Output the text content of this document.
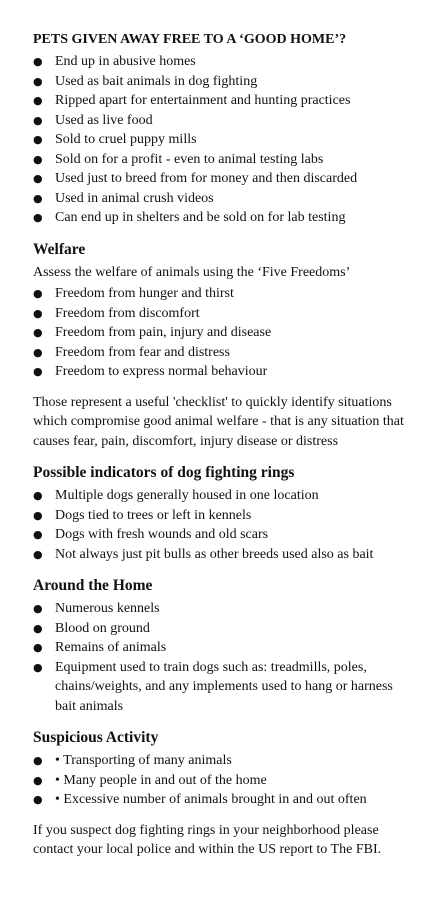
PETS GIVEN AWAY FREE TO A ‘GOOD HOME’?
● End up in abusive homes
● Used as bait animals in dog fighting
● Ripped apart for entertainment and hunting practices
● Used as live food
● Sold to cruel puppy mills
● Sold on for a profit - even to animal testing labs
● Used just to breed from for money and then discarded
● Used in animal crush videos
● Can end up in shelters and be sold on for lab testing
Welfare

Assess the welfare of animals using the ‘Five Freedoms’

● Freedom from hunger and thirst
● Freedom from discomfort
● Freedom from pain, injury and disease
● Freedom from fear and distress
● Freedom to express normal behaviour

Those represent a useful 'checklist' to quickly identify situations which compromise good animal welfare - that is any situation that causes fear, pain, discomfort, injury disease or distress

Possible indicators of dog fighting rings
● Multiple dogs generally housed in one location
● Dogs tied to trees or left in kennels
● Dogs with fresh wounds and old scars
● Not always just pit bulls as other breeds used also as bait
Around the Home
● Numerous kennels
● Blood on ground
● Remains of animals
● Equipment used to train dogs such as: treadmills, poles, chains/weights, and any implements used to hang or harness bait animals
Suspicious Activity
● • Transporting of many animals
● • Many people in and out of the home
● • Excessive number of animals brought in and out often

If you suspect dog fighting rings in your neighborhood please contact your local police and within the US report to The FBI.
